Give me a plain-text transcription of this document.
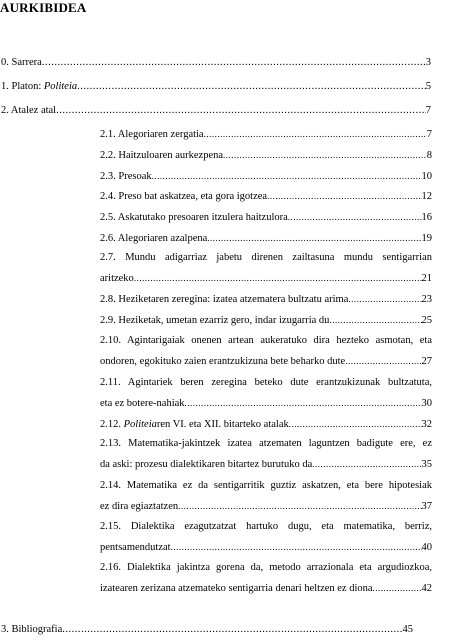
AURKIBIDEA
0. Sarrera .....	3
1. Platon: Politeia .....	5
2. Atalez atal .....	7
2.1. Alegoriaren zergatia .....	7
2.2. Haitzuloaren aurkezpena .....	8
2.3. Presoak .....	10
2.4. Preso bat askatzea, eta gora igotzea .....	12
2.5. Askatutako presoaren itzulera haitzulora .....	16
2.6. Alegoriaren azalpena .....	19
2.7. Mundu adigarriaz jabetu direnen zailtasuna mundu sentigarrian
aritzeko .....	21
2.8. Heziketaren zeregina: izatea atzematera bultzatu arima .....	23
2.9. Heziketak, umetan ezarriz gero, indar izugarria du .....	25
2.10. Agintarigaiak onenen artean aukeratuko dira hezteko asmotan, eta
ondoren, egokituko zaien erantzukizuna bete beharko dute .....	27
2.11. Agintariek beren zeregina beteko dute erantzukizunak bultzatuta,
eta ez botere-nahiak .....	30
2.12. Politeiaren VI. eta XII. bitarteko atalak .....	32
2.13. Matematika-jakintzek izatea atzematen laguntzen badigute ere, ez
da aski: prozesu dialektikaren bitartez burutuko da .....	35
2.14. Matematika ez da sentigarritik guztiz askatzen, eta bere hipotesiak
ez dira egiaztatzen .....	37
2.15. Dialektika ezagutzatzat hartuko dugu, eta matematika, berriz,
pentsamendutzat .....	40
2.16. Dialektika jakintza gorena da, metodo arrazionala eta argudiozkoa,
izatearen zerizana atzemateko sentigarria denari heltzen ez diona .....	42
3. Bibliografia .....	45
